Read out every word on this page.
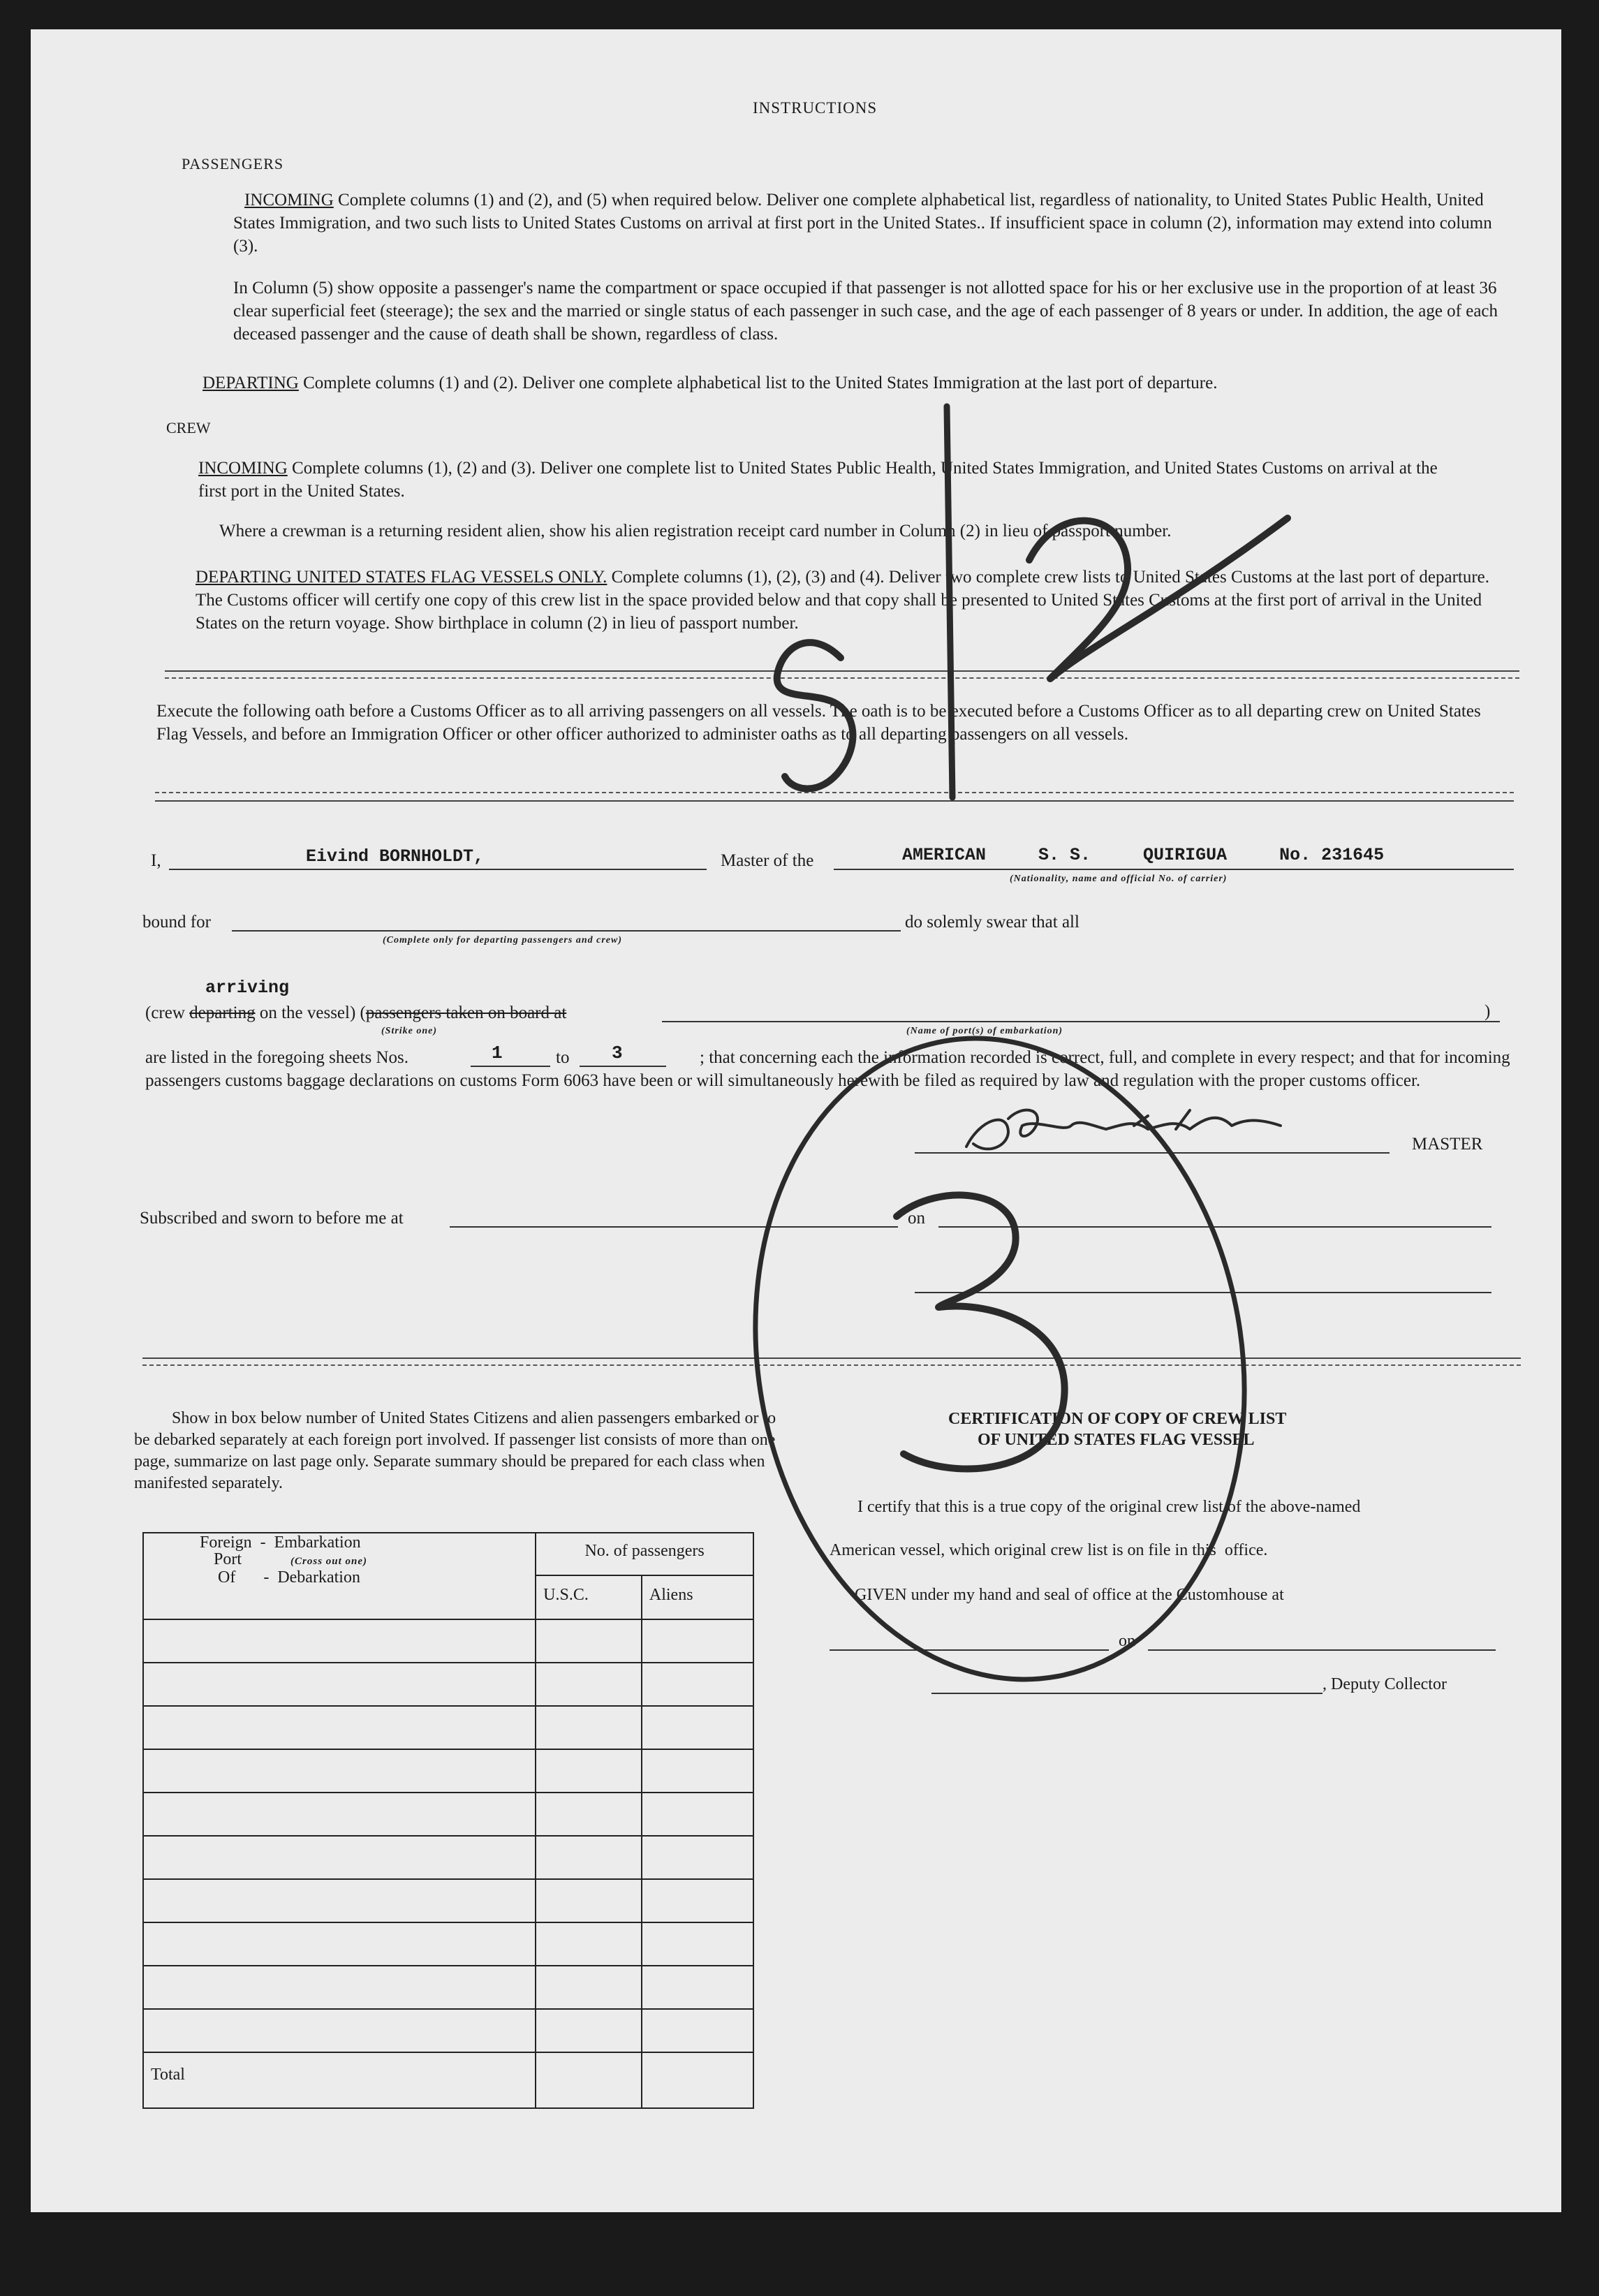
INSTRUCTIONS
PASSENGERS
INCOMING Complete columns (1) and (2), and (5) when required below. Deliver one complete alphabetical list, regardless of nationality, to United States Public Health, United States Immigration, and two such lists to United States Customs on arrival at first port in the United States.. If insufficient space in column (2), information may extend into column (3).
In Column (5) show opposite a passenger's name the compartment or space occupied if that passenger is not allotted space for his or her exclusive use in the proportion of at least 36 clear superficial feet (steerage); the sex and the married or single status of each passenger in such case, and the age of each passenger of 8 years or under. In addition, the age of each deceased passenger and the cause of death shall be shown, regardless of class.
DEPARTING Complete columns (1) and (2). Deliver one complete alphabetical list to the United States Immigration at the last port of departure.
CREW
INCOMING Complete columns (1), (2) and (3). Deliver one complete list to United States Public Health, United States Immigration, and United States Customs on arrival at the first port in the United States.
Where a crewman is a returning resident alien, show his alien registration receipt card number in Column (2) in lieu of passport number.
DEPARTING UNITED STATES FLAG VESSELS ONLY. Complete columns (1), (2), (3) and (4). Deliver two complete crew lists to United States Customs at the last port of departure. The Customs officer will certify one copy of this crew list in the space provided below and that copy shall be presented to United States Customs at the first port of arrival in the United States on the return voyage. Show birthplace in column (2) in lieu of passport number.
Execute the following oath before a Customs Officer as to all arriving passengers on all vessels. The oath is to be executed before a Customs Officer as to all departing crew on United States Flag Vessels, and before an Immigration Officer or other officer authorized to administer oaths as to all departing passengers on all vessels.
I,	Eivind BORNHOLDT,	Master of the	AMERICAN     S. S.     QUIRIGUA     No. 231645
(Nationality, name and official No. of carrier)
bound for
(Complete only for departing passengers and crew)
do solemly swear that all
arriving
(crew departing on the vessel) (passengers taken on board at	)
(Strike one)	(Name of port(s) of embarkation)
are listed in the foregoing sheets Nos.	1	to 3	; that concerning each the information recorded is correct, full, and complete in every respect; and that for incoming passengers customs baggage declarations on customs Form 6063 have been or will simultaneously herewith be filed as required by law and regulation with the proper customs officer.
MASTER
Subscribed and sworn to before me at	on
Show in box below number of United States Citizens and alien passengers embarked or to be debarked separately at each foreign port involved. If passenger list consists of more than one page, summarize on last page only. Separate summary should be prepared for each class when manifested separately.
Foreign  -  Embarkation
Port (Cross out one)
Of -  Debarkation	No. of passengers	
	U.S.C.	Aliens

Total		
CERTIFICATION OF COPY OF CREW LIST
OF UNITED STATES FLAG VESSEL
I certify that this is a true copy of the original crew list of the above-named
American vessel, which original crew list is on file in this  office.
GIVEN under my hand and seal of office at the Customhouse at
on
, Deputy Collector
